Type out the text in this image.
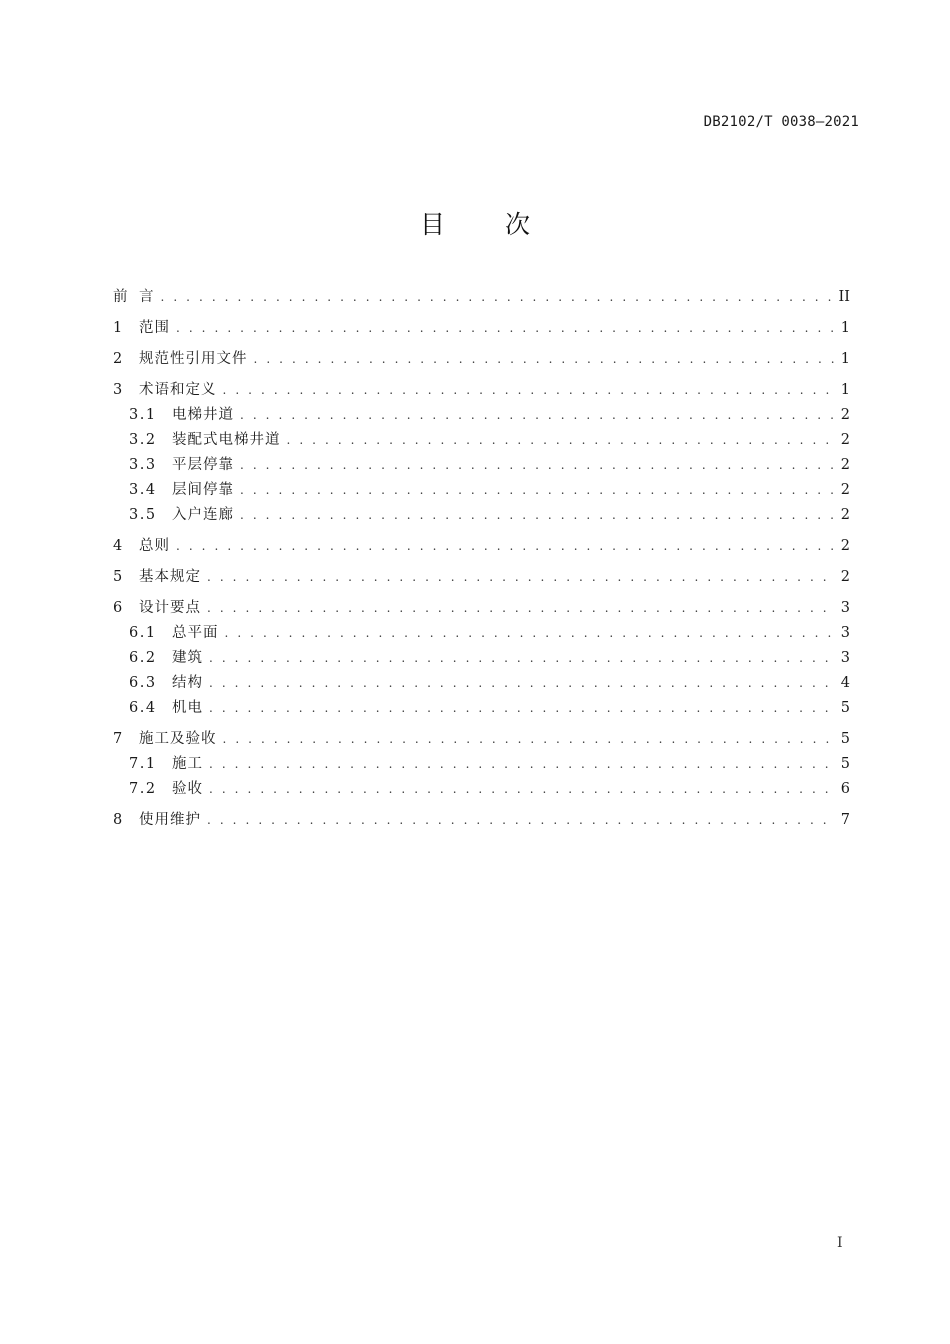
DB2102/T 0038—2021
目 次
前 言 . . .	II
1	范围 . . .	1
2	规范性引用文件 . . .	1
3	术语和定义 . . .	1
3.1	电梯井道 . . .	2
3.2	装配式电梯井道 . . .	2
3.3	平层停靠 . . .	2
3.4	层间停靠 . . .	2
3.5	入户连廊 . . .	2
4	总则 . . .	2
5	基本规定 . . .	2
6	设计要点 . . .	3
6.1	总平面 . . .	3
6.2	建筑 . . .	3
6.3	结构 . . .	4
6.4	机电 . . .	5
7	施工及验收 . . .	5
7.1	施工 . . .	5
7.2	验收 . . .	6
8	使用维护 . . .	7
I
